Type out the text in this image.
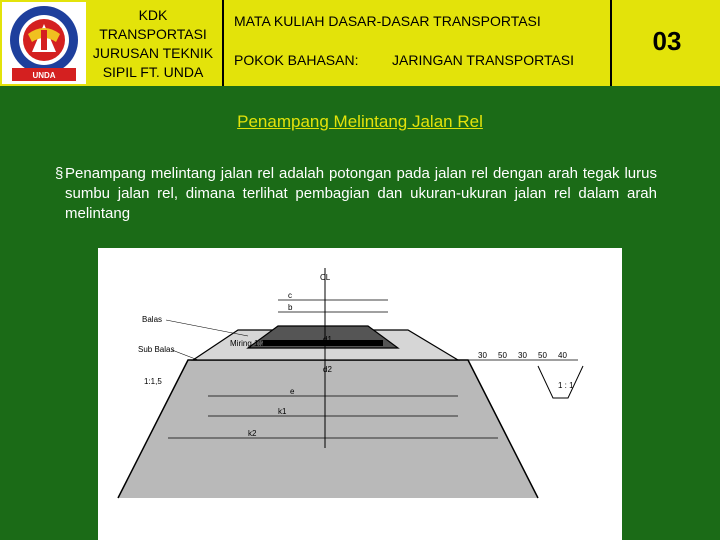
UNDA
KDK
TRANSPORTASI
JURUSAN TEKNIK
SIPIL FT. UNDA
MATA KULIAH DASAR-DASAR TRANSPORTASI
POKOK BAHASAN: JARINGAN TRANSPORTASI
03
Penampang Melintang Jalan Rel
§ Penampang melintang jalan rel adalah potongan pada jalan rel dengan arah tegak lurus sumbu jalan rel, dimana terlihat pembagian dan ukuran-ukuran jalan rel dalam arah melintang
CL
c
b
Balas
Sub Balas
Miring 1:2
1:1,5
d1
d2
e
k1
k2
30 50 30 50 40
1 : 1
